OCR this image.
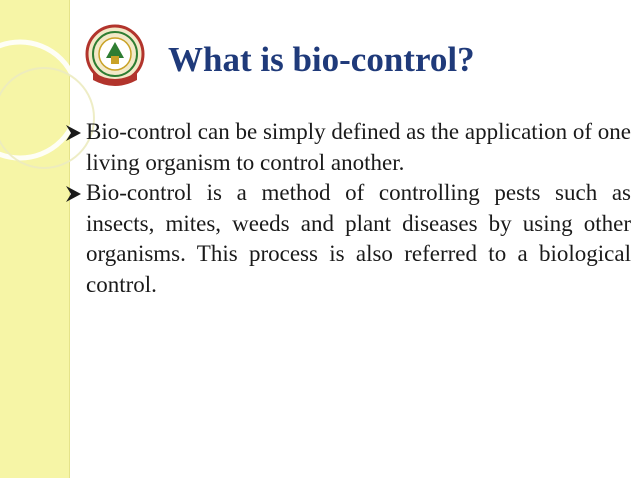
What is bio-control?
Bio-control can be simply defined as the application of one living organism to control another.
Bio-control is a method of controlling pests such as insects, mites, weeds and plant diseases by using other organisms. This process is also referred to a biological control.
